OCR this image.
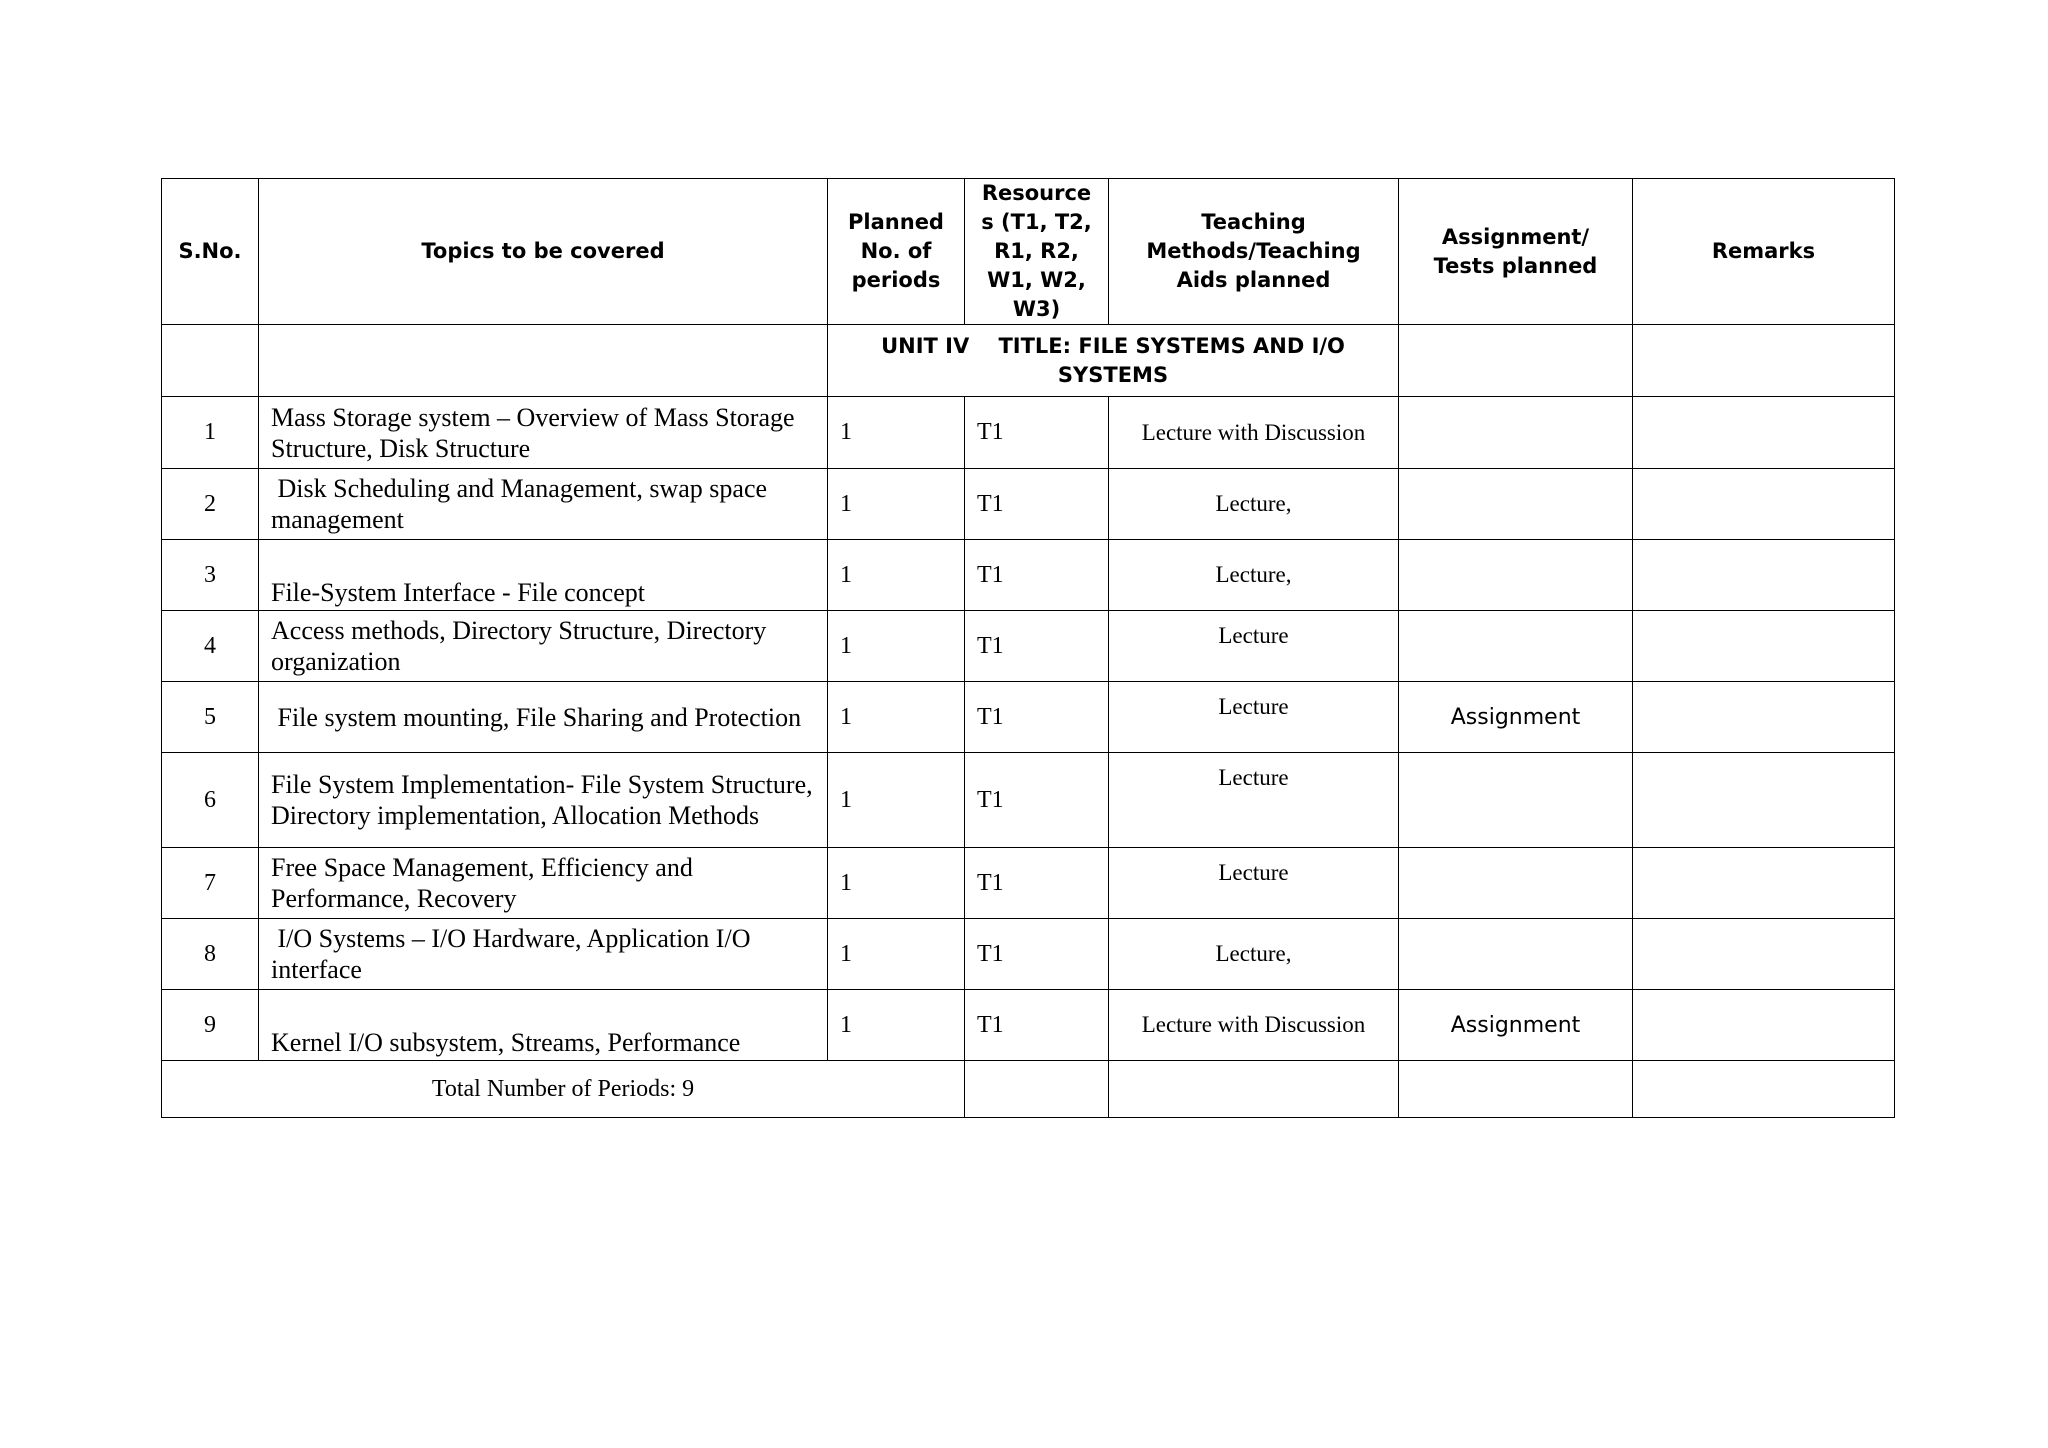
S.No.	Topics to be covered	Planned No. of periods	Resource s (T1, T2, R1, R2, W1, W2, W3)	Teaching Methods/Teaching Aids planned	Assignment/ Tests planned	Remarks
		UNIT IV    TITLE: FILE SYSTEMS AND I/O SYSTEMS				
1	Mass Storage system – Overview of Mass Storage Structure, Disk Structure	1	T1	Lecture with Discussion		
2	Disk Scheduling and Management, swap space management	1	T1	Lecture,		
3	File-System Interface - File concept	1	T1	Lecture,		
4	Access methods, Directory Structure, Directory organization	1	T1	Lecture		
5	File system mounting, File Sharing and Protection	1	T1	Lecture	Assignment	
6	File System Implementation- File System Structure, Directory implementation, Allocation Methods	1	T1	Lecture		
7	Free Space Management, Efficiency and Performance, Recovery	1	T1	Lecture		
8	I/O Systems – I/O Hardware, Application I/O interface	1	T1	Lecture,		
9	Kernel I/O subsystem, Streams, Performance	1	T1	Lecture with Discussion	Assignment	
Total Number of Periods: 9						
